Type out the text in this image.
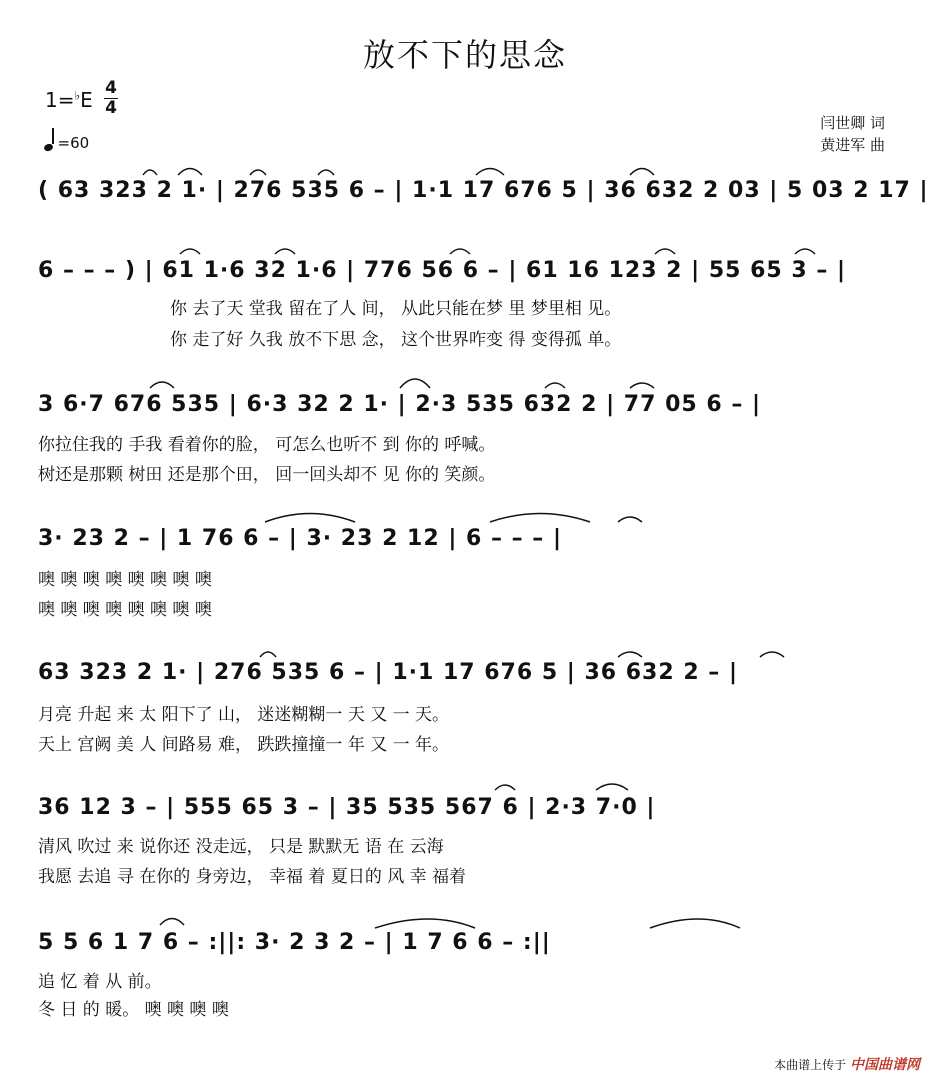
放不下的思念
1=♭E 4
4
=60
闫世卿 词
黄进军 曲
( 63 323 2 1· | 276 535 6 – | 1·1 17 676 5 | 36 632 2 03 | 5 03 2 17 |
6 – – – ) | 61 1·6 32 1·6 | 776 56 6 – | 61 16 123 2 | 55 65 3 – |
你 去了天 堂我 留在了人 间， 从此只能在梦 里 梦里相 见。
你 走了好 久我 放不下思 念， 这个世界咋变 得 变得孤 单。
3 6·7 676 535 | 6·3 32 2 1· | 2·3 535 632 2 | 77 05 6 – |
你拉住我的 手我 看着你的脸， 可怎么也听不 到 你的 呼喊。
树还是那颗 树田 还是那个田， 回一回头却不 见 你的 笑颜。
3· 23 2 – | 1 76 6 – | 3· 23 2 12 | 6 – – – |
噢 噢 噢 噢 噢 噢 噢 噢
噢 噢 噢 噢 噢 噢 噢 噢
63 323 2 1· | 276 535 6 – | 1·1 17 676 5 | 36 632 2 – |
月亮 升起 来 太 阳下了 山， 迷迷糊糊一 天 又 一 天。
天上 宫阙 美 人 间路易 难， 跌跌撞撞一 年 又 一 年。
36 12 3 – | 555 65 3 – | 35 535 567 6 | 2·3 7·0 |
清风 吹过 来 说你还 没走远， 只是 默默无 语 在 云海
我愿 去追 寻 在你的 身旁边， 幸福 着 夏日的 风 幸 福着
5 5 6 1 7 6 – :||: 3· 2 3 2 – | 1 7 6 6 – :||
追 忆 着 从 前。
冬 日 的 暖。 噢 噢 噢 噢
本曲谱上传于 中国曲谱网
